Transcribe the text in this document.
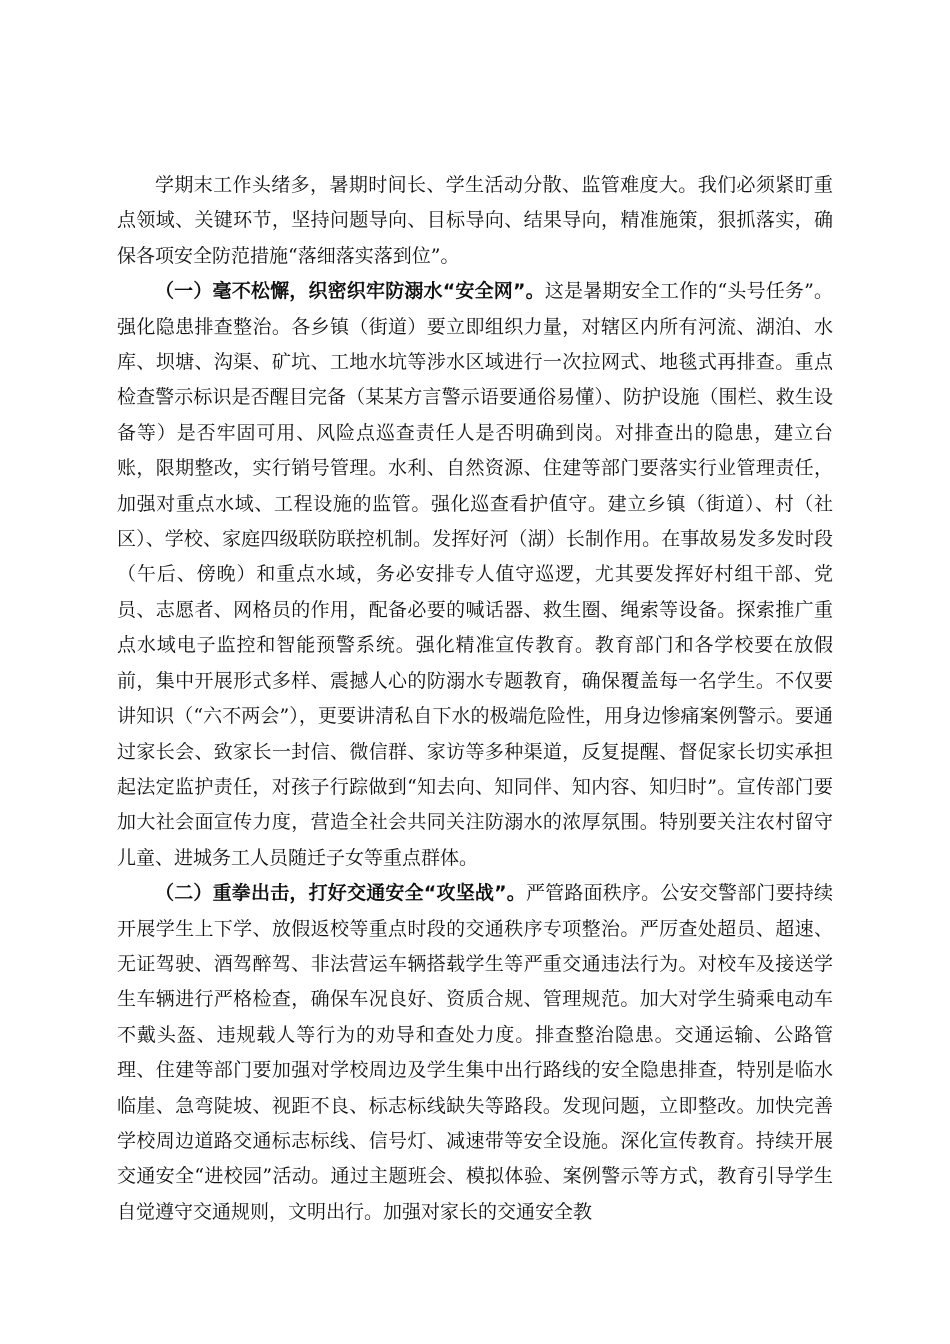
学期末工作头绪多，暑期时间长、学生活动分散、监管难度大。我们必须紧盯重点领域、关键环节，坚持问题导向、目标导向、结果导向，精准施策，狠抓落实，确保各项安全防范措施“落细落实落到位”。

（一）毫不松懈，织密织牢防溺水“安全网”。这是暑期安全工作的“头号任务”。强化隐患排查整治。各乡镇（街道）要立即组织力量，对辖区内所有河流、湖泊、水库、坝塘、沟渠、矿坑、工地水坑等涉水区域进行一次拉网式、地毯式再排查。重点检查警示标识是否醒目完备（某某方言警示语要通俗易懂）、防护设施（围栏、救生设备等）是否牢固可用、风险点巡查责任人是否明确到岗。对排查出的隐患，建立台账，限期整改，实行销号管理。水利、自然资源、住建等部门要落实行业管理责任，加强对重点水域、工程设施的监管。强化巡查看护值守。建立乡镇（街道）、村（社区）、学校、家庭四级联防联控机制。发挥好河（湖）长制作用。在事故易发多发时段（午后、傍晚）和重点水域，务必安排专人值守巡逻，尤其要发挥好村组干部、党员、志愿者、网格员的作用，配备必要的喊话器、救生圈、绳索等设备。探索推广重点水域电子监控和智能预警系统。强化精准宣传教育。教育部门和各学校要在放假前，集中开展形式多样、震撼人心的防溺水专题教育，确保覆盖每一名学生。不仅要讲知识（“六不两会”），更要讲清私自下水的极端危险性，用身边惨痛案例警示。要通过家长会、致家长一封信、微信群、家访等多种渠道，反复提醒、督促家长切实承担起法定监护责任，对孩子行踪做到“知去向、知同伴、知内容、知归时”。宣传部门要加大社会面宣传力度，营造全社会共同关注防溺水的浓厚氛围。特别要关注农村留守儿童、进城务工人员随迁子女等重点群体。

（二）重拳出击，打好交通安全“攻坚战”。严管路面秩序。公安交警部门要持续开展学生上下学、放假返校等重点时段的交通秩序专项整治。严厉查处超员、超速、无证驾驶、酒驾醉驾、非法营运车辆搭载学生等严重交通违法行为。对校车及接送学生车辆进行严格检查，确保车况良好、资质合规、管理规范。加大对学生骑乘电动车不戴头盔、违规载人等行为的劝导和查处力度。排查整治隐患。交通运输、公路管理、住建等部门要加强对学校周边及学生集中出行路线的安全隐患排查，特别是临水临崖、急弯陡坡、视距不良、标志标线缺失等路段。发现问题，立即整改。加快完善学校周边道路交通标志标线、信号灯、减速带等安全设施。深化宣传教育。持续开展交通安全“进校园”活动。通过主题班会、模拟体验、案例警示等方式，教育引导学生自觉遵守交通规则，文明出行。加强对家长的交通安全教
